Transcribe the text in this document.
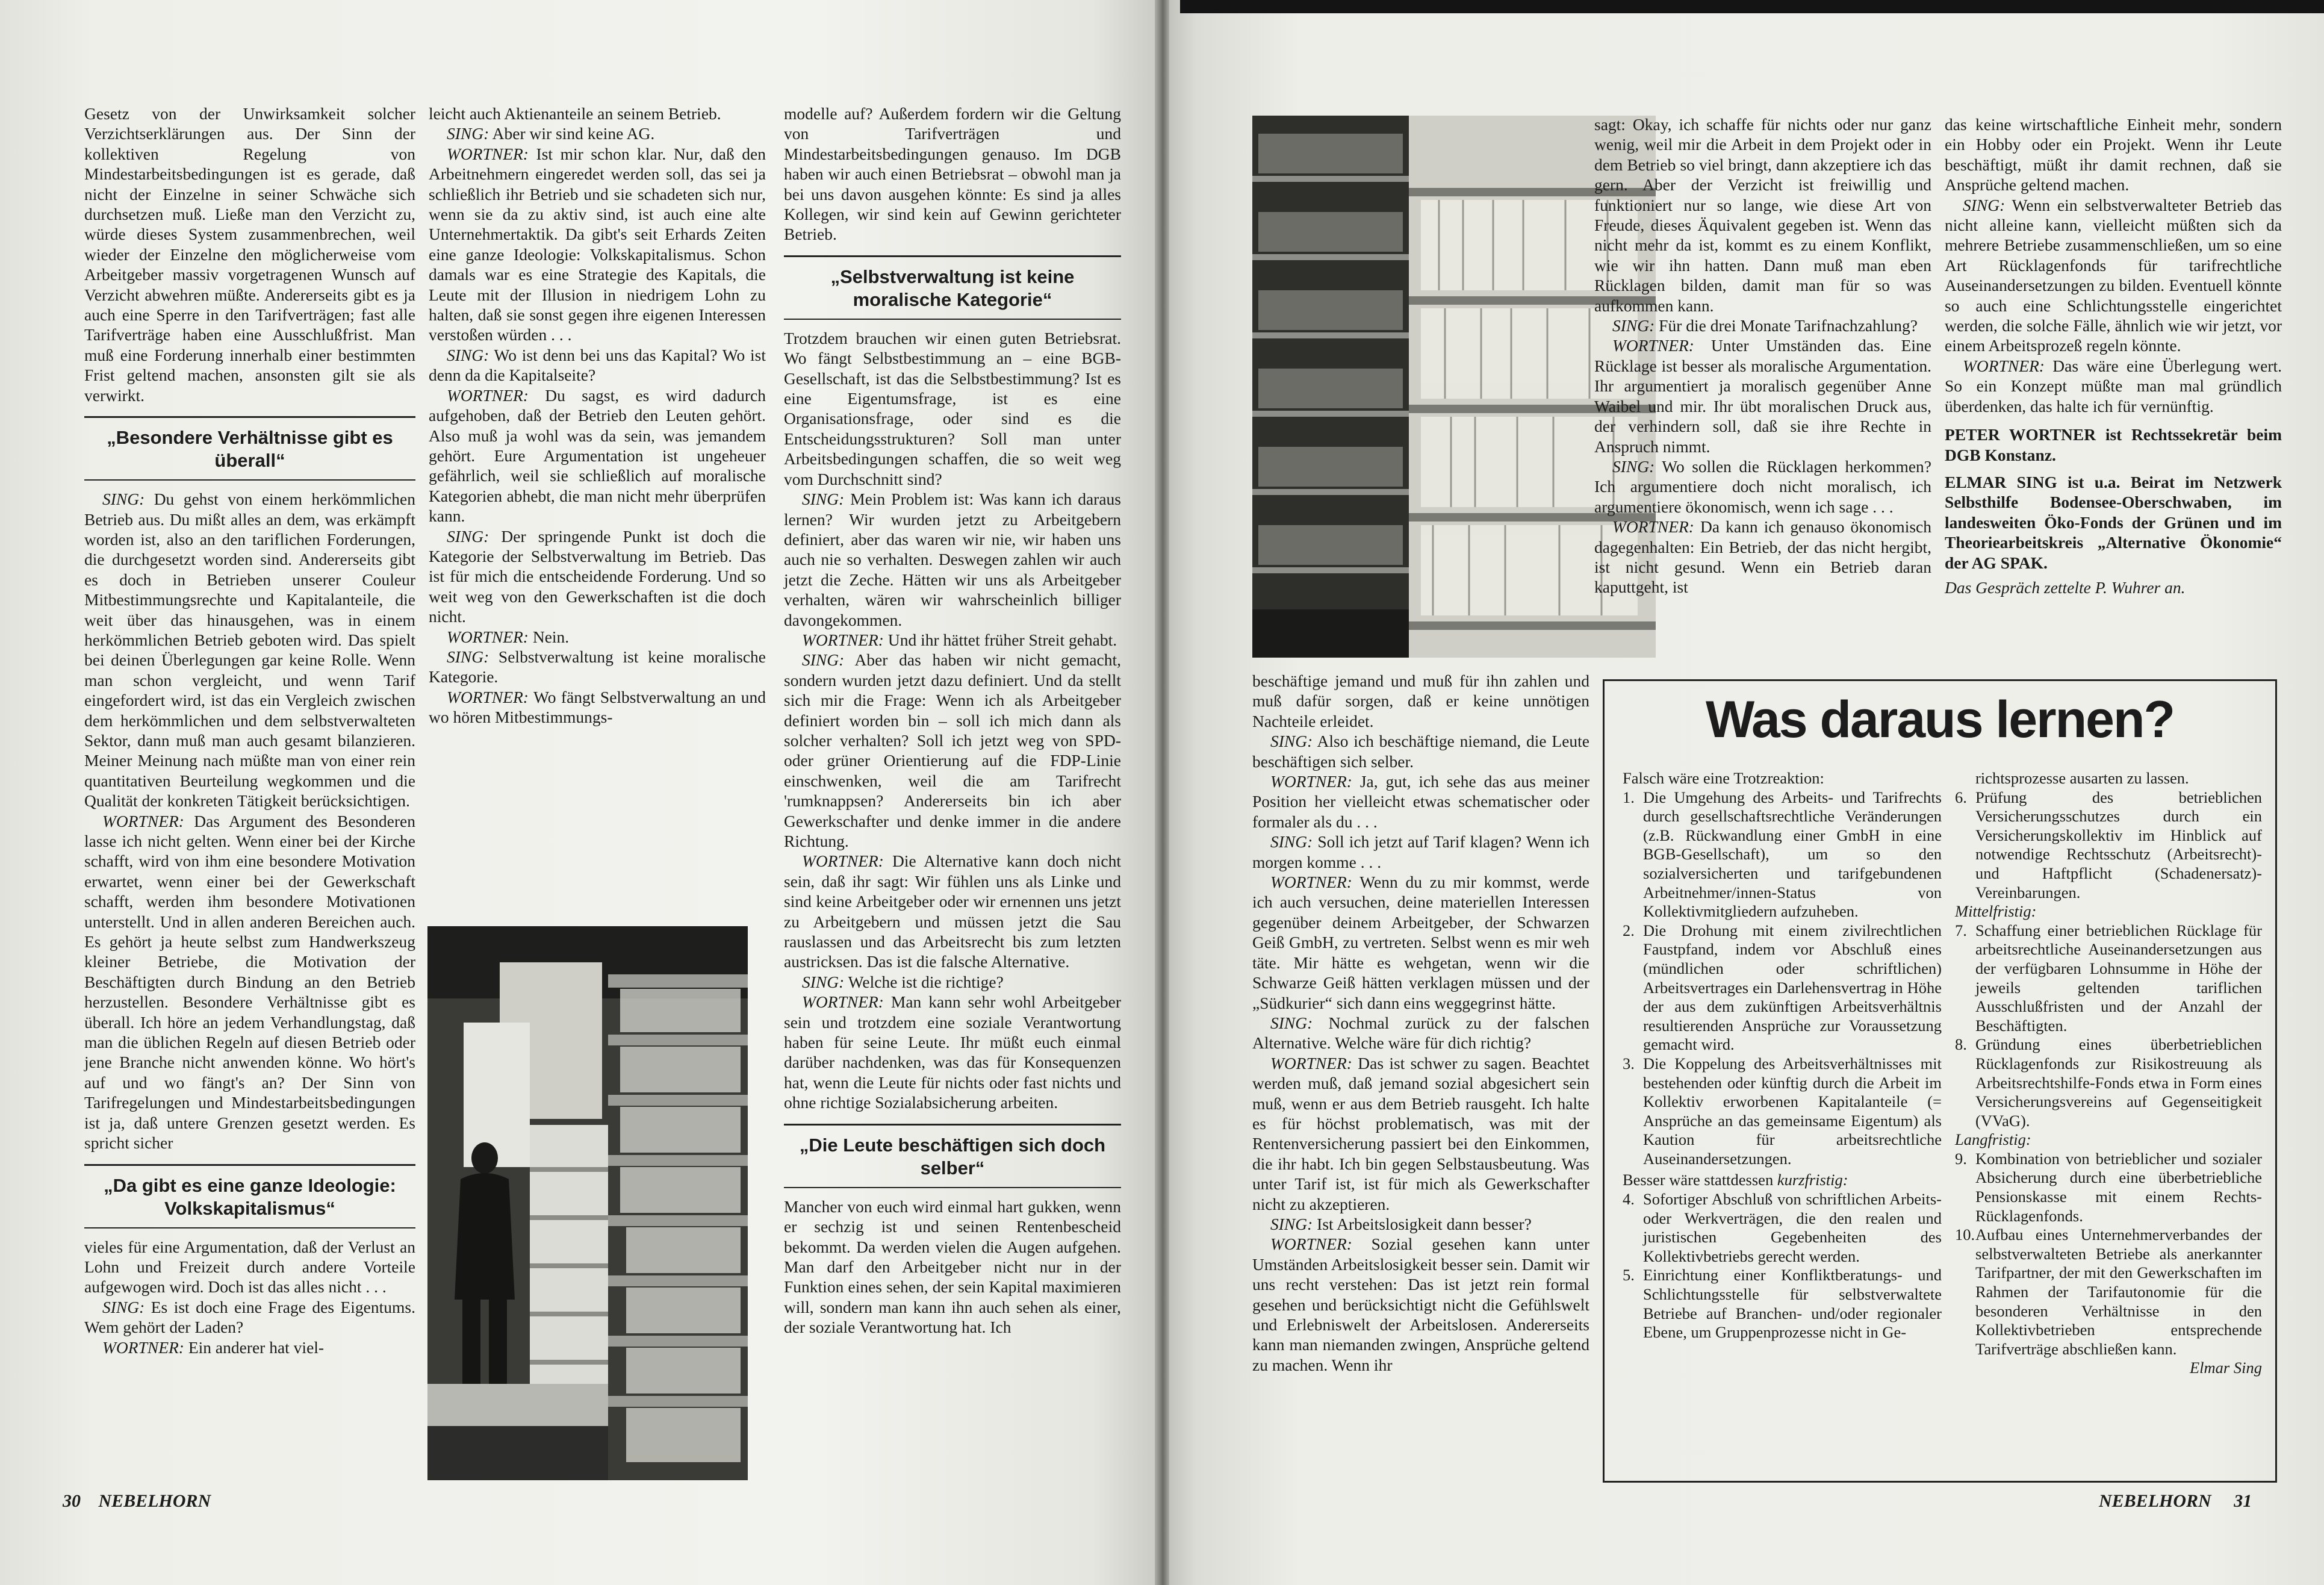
Gesetz von der Unwirksamkeit solcher Verzichtserklärungen aus. Der Sinn der kollektiven Regelung von Mindestarbeitsbedingungen ist es gerade, daß nicht der Einzelne in seiner Schwäche sich durchsetzen muß. Ließe man den Verzicht zu, würde dieses System zusammenbrechen, weil wieder der Einzelne den möglicherweise vom Arbeitgeber massiv vorgetragenen Wunsch auf Verzicht abwehren müßte. Andererseits gibt es ja auch eine Sperre in den Tarifverträgen; fast alle Tarifverträge haben eine Ausschlußfrist. Man muß eine Forderung innerhalb einer bestimmten Frist geltend machen, ansonsten gilt sie als verwirkt.

„Besondere Verhältnisse gibt es überall“

SING: Du gehst von einem herkömmlichen Betrieb aus. Du mißt alles an dem, was erkämpft worden ist, also an den tariflichen Forderungen, die durchgesetzt worden sind. Andererseits gibt es doch in Betrieben unserer Couleur Mitbestimmungsrechte und Kapitalanteile, die weit über das hinausgehen, was in einem herkömmlichen Betrieb geboten wird. Das spielt bei deinen Überlegungen gar keine Rolle. Wenn man schon vergleicht, und wenn Tarif eingefordert wird, ist das ein Vergleich zwischen dem herkömmlichen und dem selbstverwalteten Sektor, dann muß man auch gesamt bilanzieren. Meiner Meinung nach müßte man von einer rein quantitativen Beurteilung wegkommen und die Qualität der konkreten Tätigkeit berücksichtigen.

WORTNER: Das Argument des Besonderen lasse ich nicht gelten. Wenn einer bei der Kirche schafft, wird von ihm eine besondere Motivation erwartet, wenn einer bei der Gewerkschaft schafft, werden ihm besondere Motivationen unterstellt. Und in allen anderen Bereichen auch. Es gehört ja heute selbst zum Handwerkszeug kleiner Betriebe, die Motivation der Beschäftigten durch Bindung an den Betrieb herzustellen. Besondere Verhältnisse gibt es überall. Ich höre an jedem Verhandlungstag, daß man die üblichen Regeln auf diesen Betrieb oder jene Branche nicht anwenden könne. Wo hört's auf und wo fängt's an? Der Sinn von Tarifregelungen und Mindestarbeitsbedingungen ist ja, daß untere Grenzen gesetzt werden. Es spricht sicher

„Da gibt es eine ganze Ideologie: Volkskapitalismus“

vieles für eine Argumentation, daß der Verlust an Lohn und Freizeit durch andere Vorteile aufgewogen wird. Doch ist das alles nicht . . .

SING: Es ist doch eine Frage des Eigentums. Wem gehört der Laden?

WORTNER: Ein anderer hat viel-

leicht auch Aktienanteile an seinem Betrieb.

SING: Aber wir sind keine AG.

WORTNER: Ist mir schon klar. Nur, daß den Arbeitnehmern eingeredet werden soll, das sei ja schließlich ihr Betrieb und sie schadeten sich nur, wenn sie da zu aktiv sind, ist auch eine alte Unternehmertaktik. Da gibt's seit Erhards Zeiten eine ganze Ideologie: Volkskapitalismus. Schon damals war es eine Strategie des Kapitals, die Leute mit der Illusion in niedrigem Lohn zu halten, daß sie sonst gegen ihre eigenen Interessen verstoßen würden . . .

SING: Wo ist denn bei uns das Kapital? Wo ist denn da die Kapitalseite?

WORTNER: Du sagst, es wird dadurch aufgehoben, daß der Betrieb den Leuten gehört. Also muß ja wohl was da sein, was jemandem gehört. Eure Argumentation ist ungeheuer gefährlich, weil sie schließlich auf moralische Kategorien abhebt, die man nicht mehr überprüfen kann.

SING: Der springende Punkt ist doch die Kategorie der Selbstverwaltung im Betrieb. Das ist für mich die entscheidende Forderung. Und so weit weg von den Gewerkschaften ist die doch nicht.

WORTNER: Nein.

SING: Selbstverwaltung ist keine moralische Kategorie.

WORTNER: Wo fängt Selbstverwaltung an und wo hören Mitbestimmungs-

modelle auf? Außerdem fordern wir die Geltung von Tarifverträgen und Mindestarbeitsbedingungen genauso. Im DGB haben wir auch einen Betriebsrat – obwohl man ja bei uns davon ausgehen könnte: Es sind ja alles Kollegen, wir sind kein auf Gewinn gerichteter Betrieb.

„Selbstverwaltung ist keine moralische Kategorie“

Trotzdem brauchen wir einen guten Betriebsrat. Wo fängt Selbstbestimmung an – eine BGB-Gesellschaft, ist das die Selbstbestimmung? Ist es eine Eigentumsfrage, ist es eine Organisationsfrage, oder sind es die Entscheidungsstrukturen? Soll man unter Arbeitsbedingungen schaffen, die so weit weg vom Durchschnitt sind?

SING: Mein Problem ist: Was kann ich daraus lernen? Wir wurden jetzt zu Arbeitgebern definiert, aber das waren wir nie, wir haben uns auch nie so verhalten. Deswegen zahlen wir auch jetzt die Zeche. Hätten wir uns als Arbeitgeber verhalten, wären wir wahrscheinlich billiger davongekommen.

WORTNER: Und ihr hättet früher Streit gehabt.

SING: Aber das haben wir nicht gemacht, sondern wurden jetzt dazu definiert. Und da stellt sich mir die Frage: Wenn ich als Arbeitgeber definiert worden bin – soll ich mich dann als solcher verhalten? Soll ich jetzt weg von SPD- oder grüner Orientierung auf die FDP-Linie einschwenken, weil die am Tarifrecht 'rumknappsen? Andererseits bin ich aber Gewerkschafter und denke immer in die andere Richtung.

WORTNER: Die Alternative kann doch nicht sein, daß ihr sagt: Wir fühlen uns als Linke und sind keine Arbeitgeber oder wir ernennen uns jetzt zu Arbeitgebern und müssen jetzt die Sau rauslassen und das Arbeitsrecht bis zum letzten austricksen. Das ist die falsche Alternative.

SING: Welche ist die richtige?

WORTNER: Man kann sehr wohl Arbeitgeber sein und trotzdem eine soziale Verantwortung haben für seine Leute. Ihr müßt euch einmal darüber nachdenken, was das für Konsequenzen hat, wenn die Leute für nichts oder fast nichts und ohne richtige Sozialabsicherung arbeiten.

„Die Leute beschäftigen sich doch selber“

Mancher von euch wird einmal hart gukken, wenn er sechzig ist und seinen Rentenbescheid bekommt. Da werden vielen die Augen aufgehen. Man darf den Arbeitgeber nicht nur in der Funktion eines sehen, der sein Kapital maximieren will, sondern man kann ihn auch sehen als einer, der soziale Verantwortung hat. Ich

30 NEBELHORN

beschäftige jemand und muß für ihn zahlen und muß dafür sorgen, daß er keine unnötigen Nachteile erleidet.

SING: Also ich beschäftige niemand, die Leute beschäftigen sich selber.

WORTNER: Ja, gut, ich sehe das aus meiner Position her vielleicht etwas schematischer oder formaler als du . . .

SING: Soll ich jetzt auf Tarif klagen? Wenn ich morgen komme . . .

WORTNER: Wenn du zu mir kommst, werde ich auch versuchen, deine materiellen Interessen gegenüber deinem Arbeitgeber, der Schwarzen Geiß GmbH, zu vertreten. Selbst wenn es mir weh täte. Mir hätte es wehgetan, wenn wir die Schwarze Geiß hätten verklagen müssen und der „Südkurier“ sich dann eins weggegrinst hätte.

SING: Nochmal zurück zu der falschen Alternative. Welche wäre für dich richtig?

WORTNER: Das ist schwer zu sagen. Beachtet werden muß, daß jemand sozial abgesichert sein muß, wenn er aus dem Betrieb rausgeht. Ich halte es für höchst problematisch, was mit der Rentenversicherung passiert bei den Einkommen, die ihr habt. Ich bin gegen Selbstausbeutung. Was unter Tarif ist, ist für mich als Gewerkschafter nicht zu akzeptieren.

SING: Ist Arbeitslosigkeit dann besser?

WORTNER: Sozial gesehen kann unter Umständen Arbeitslosigkeit besser sein. Damit wir uns recht verstehen: Das ist jetzt rein formal gesehen und berücksichtigt nicht die Gefühlswelt und Erlebniswelt der Arbeitslosen. Andererseits kann man niemanden zwingen, Ansprüche geltend zu machen. Wenn ihr

sagt: Okay, ich schaffe für nichts oder nur ganz wenig, weil mir die Arbeit in dem Projekt oder in dem Betrieb so viel bringt, dann akzeptiere ich das gern. Aber der Verzicht ist freiwillig und funktioniert nur so lange, wie diese Art von Freude, dieses Äquivalent gegeben ist. Wenn das nicht mehr da ist, kommt es zu einem Konflikt, wie wir ihn hatten. Dann muß man eben Rücklagen bilden, damit man für so was aufkommen kann.

SING: Für die drei Monate Tarifnachzahlung?

WORTNER: Unter Umständen das. Eine Rücklage ist besser als moralische Argumentation. Ihr argumentiert ja moralisch gegenüber Anne Waibel und mir. Ihr übt moralischen Druck aus, der verhindern soll, daß sie ihre Rechte in Anspruch nimmt.

SING: Wo sollen die Rücklagen herkommen? Ich argumentiere doch nicht moralisch, ich argumentiere ökonomisch, wenn ich sage . . .

WORTNER: Da kann ich genauso ökonomisch dagegenhalten: Ein Betrieb, der das nicht hergibt, ist nicht gesund. Wenn ein Betrieb daran kaputtgeht, ist

das keine wirtschaftliche Einheit mehr, sondern ein Hobby oder ein Projekt. Wenn ihr Leute beschäftigt, müßt ihr damit rechnen, daß sie Ansprüche geltend machen.

SING: Wenn ein selbstverwalteter Betrieb das nicht alleine kann, vielleicht müßten sich da mehrere Betriebe zusammenschließen, um so eine Art Rücklagenfonds für tarifrechtliche Auseinandersetzungen zu bilden. Eventuell könnte so auch eine Schlichtungsstelle eingerichtet werden, die solche Fälle, ähnlich wie wir jetzt, vor einem Arbeitsprozeß regeln könnte.

WORTNER: Das wäre eine Überlegung wert. So ein Konzept müßte man mal gründlich überdenken, das halte ich für vernünftig.

PETER WORTNER ist Rechtssekretär beim DGB Konstanz.

ELMAR SING ist u.a. Beirat im Netzwerk Selbsthilfe Bodensee-Oberschwaben, im landesweiten Öko-Fonds der Grünen und im Theoriearbeitskreis „Alternative Ökonomie“ der AG SPAK.

Das Gespräch zettelte P. Wuhrer an.

NEBELHORN 31
Was daraus lernen?

Falsch wäre eine Trotzreaktion:

1. Die Umgehung des Arbeits- und Tarifrechts durch gesellschaftsrechtliche Veränderungen (z.B. Rückwandlung einer GmbH in eine BGB-Gesellschaft), um so den sozialversicherten und tarifgebundenen Arbeitnehmer/innen-Status von Kollektivmitgliedern aufzuheben.
2. Die Drohung mit einem zivilrechtlichen Faustpfand, indem vor Abschluß eines (mündlichen oder schriftlichen) Arbeitsvertrages ein Darlehensvertrag in Höhe der aus dem zukünftigen Arbeitsverhältnis resultierenden Ansprüche zur Voraussetzung gemacht wird.
3. Die Koppelung des Arbeitsverhältnisses mit bestehenden oder künftig durch die Arbeit im Kollektiv erworbenen Kapitalanteile (= Ansprüche an das gemeinsame Eigentum) als Kaution für arbeitsrechtliche Auseinandersetzungen.

Besser wäre stattdessen kurzfristig:

4. Sofortiger Abschluß von schriftlichen Arbeits- oder Werkverträgen, die den realen und juristischen Gegebenheiten des Kollektivbetriebs gerecht werden.
5. Einrichtung einer Konfliktberatungs- und Schlichtungsstelle für selbstverwaltete Betriebe auf Branchen- und/oder regionaler Ebene, um Gruppenprozesse nicht in Ge-

richtsprozesse ausarten zu lassen.

6. Prüfung des betrieblichen Versicherungsschutzes durch ein Versicherungskollektiv im Hinblick auf notwendige Rechtsschutz (Arbeitsrecht)- und Haftpflicht (Schadenersatz)-Vereinbarungen.

Mittelfristig:

7. Schaffung einer betrieblichen Rücklage für arbeitsrechtliche Auseinandersetzungen aus der verfügbaren Lohnsumme in Höhe der jeweils geltenden tariflichen Ausschlußfristen und der Anzahl der Beschäftigten.
8. Gründung eines überbetrieblichen Rücklagenfonds zur Risikostreuung als Arbeitsrechtshilfe-Fonds etwa in Form eines Versicherungsvereins auf Gegenseitigkeit (VVaG).

Langfristig:

9. Kombination von betrieblicher und sozialer Absicherung durch eine überbetriebliche Pensionskasse mit einem Rechts-Rücklagenfonds.
10. Aufbau eines Unternehmerverbandes der selbstverwalteten Betriebe als anerkannter Tarifpartner, der mit den Gewerkschaften im Rahmen der Tarifautonomie für die besonderen Verhältnisse in den Kollektivbetrieben entsprechende Tarifverträge abschließen kann.

Elmar Sing
